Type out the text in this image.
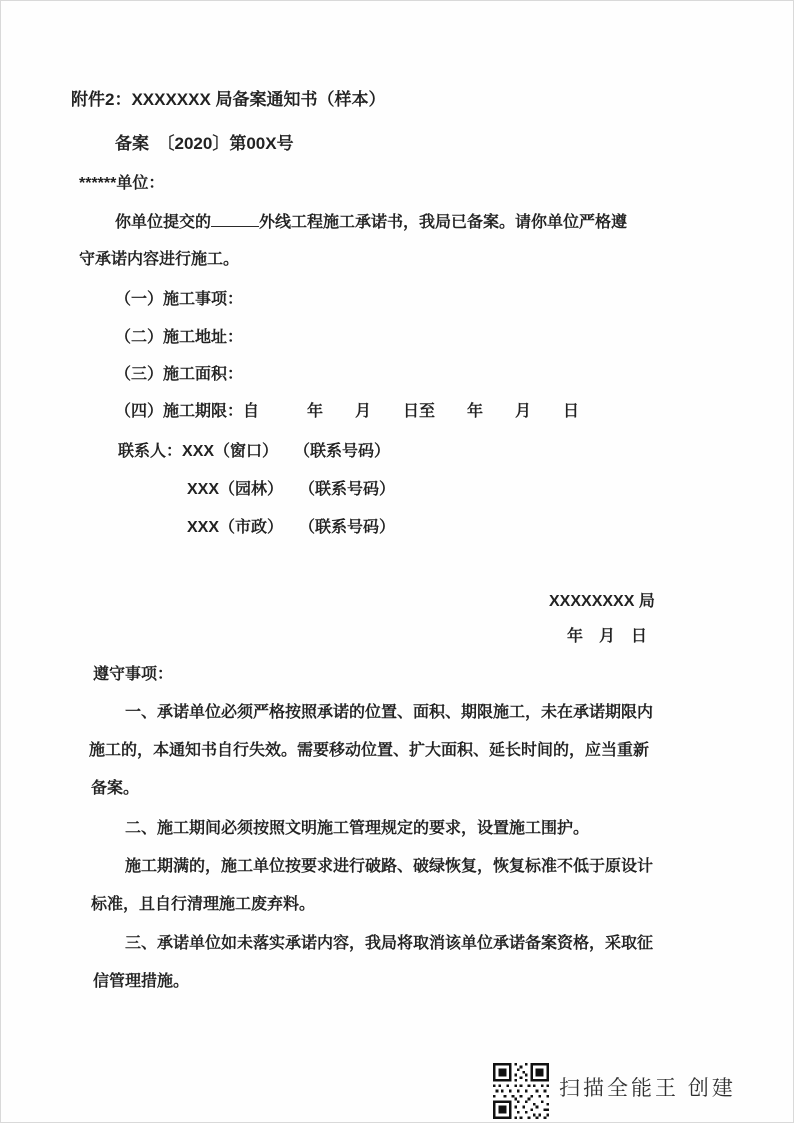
附件2：XXXXXXX 局备案通知书（样本）
备案　〔2020〕第00X号
******单位：
你单位提交的	外线工程施工承诺书，我局已备案。请你单位严格遵
守承诺内容进行施工。
（一）施工事项：
（二）施工地址：
（三）施工面积：
（四）施工期限：自　　　年　　月　　日至　　年　　月　　日
联系人：XXX（窗口） （联系号码）
XXX（园林） （联系号码）
XXX（市政） （联系号码）
XXXXXXXX 局
年　月　日
遵守事项：
一、承诺单位必须严格按照承诺的位置、面积、期限施工，未在承诺期限内
施工的，本通知书自行失效。需要移动位置、扩大面积、延长时间的，应当重新
备案。
二、施工期间必须按照文明施工管理规定的要求，设置施工围护。
施工期满的，施工单位按要求进行破路、破绿恢复，恢复标准不低于原设计
标准，且自行清理施工废弃料。
三、承诺单位如未落实承诺内容，我局将取消该单位承诺备案资格，采取征
信管理措施。
扫描全能王 创建
